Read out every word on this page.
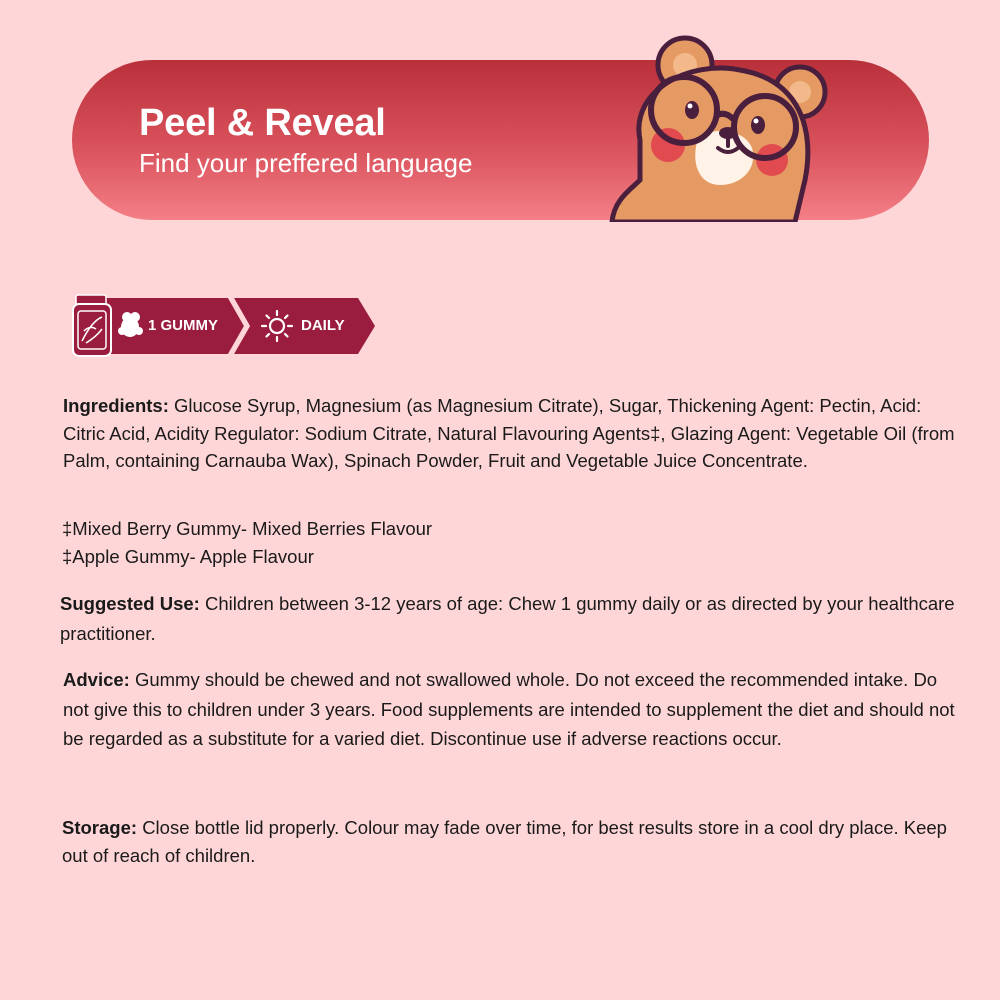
Peel & Reveal
Find your preffered language
1 GUMMY	DAILY

Ingredients: Glucose Syrup, Magnesium (as Magnesium Citrate), Sugar, Thickening Agent: Pectin, Acid: Citric Acid, Acidity Regulator: Sodium Citrate, Natural Flavouring Agents‡, Glazing Agent: Vegetable Oil (from Palm, containing Carnauba Wax), Spinach Powder, Fruit and Vegetable Juice Concentrate.

‡Mixed Berry Gummy- Mixed Berries Flavour

‡Apple Gummy- Apple Flavour

Suggested Use: Children between 3-12 years of age: Chew 1 gummy daily or as directed by your healthcare practitioner.

Advice: Gummy should be chewed and not swallowed whole. Do not exceed the recommended intake. Do not give this to children under 3 years. Food supplements are intended to supplement the diet and should not be regarded as a substitute for a varied diet. Discontinue use if adverse reactions occur.

Storage: Close bottle lid properly. Colour may fade over time, for best results store in a cool dry place. Keep out of reach of children.
